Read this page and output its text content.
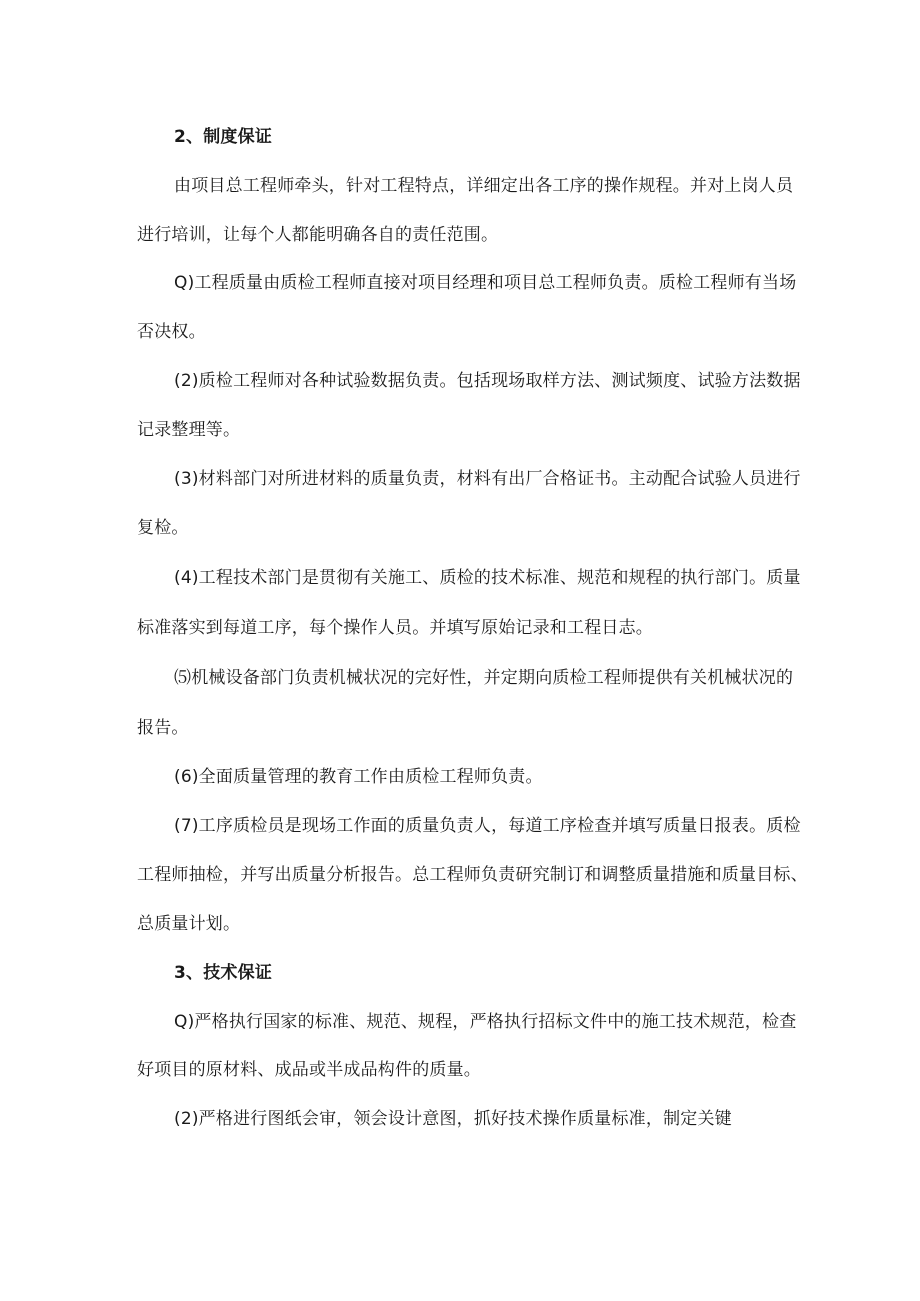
2、制度保证
由项目总工程师牵头，针对工程特点，详细定出各工序的操作规程。并对上岗人员
进行培训，让每个人都能明确各自的责任范围。
Q)工程质量由质检工程师直接对项目经理和项目总工程师负责。质检工程师有当场
否决权。
(2)质检工程师对各种试验数据负责。包括现场取样方法、测试频度、试验方法数据
记录整理等。
(3)材料部门对所进材料的质量负责，材料有出厂合格证书。主动配合试验人员进行
复检。
(4)工程技术部门是贯彻有关施工、质检的技术标准、规范和规程的执行部门。质量
标准落实到每道工序，每个操作人员。并填写原始记录和工程日志。
⑸机械设备部门负责机械状况的完好性，并定期向质检工程师提供有关机械状况的
报告。
(6)全面质量管理的教育工作由质检工程师负责。
(7)工序质检员是现场工作面的质量负责人，每道工序检查并填写质量日报表。质检
工程师抽检，并写出质量分析报告。总工程师负责研究制订和调整质量措施和质量目标、
总质量计划。
3、技术保证
Q)严格执行国家的标准、规范、规程，严格执行招标文件中的施工技术规范，检查
好项目的原材料、成品或半成品构件的质量。
(2)严格进行图纸会审，领会设计意图，抓好技术操作质量标准，制定关键
